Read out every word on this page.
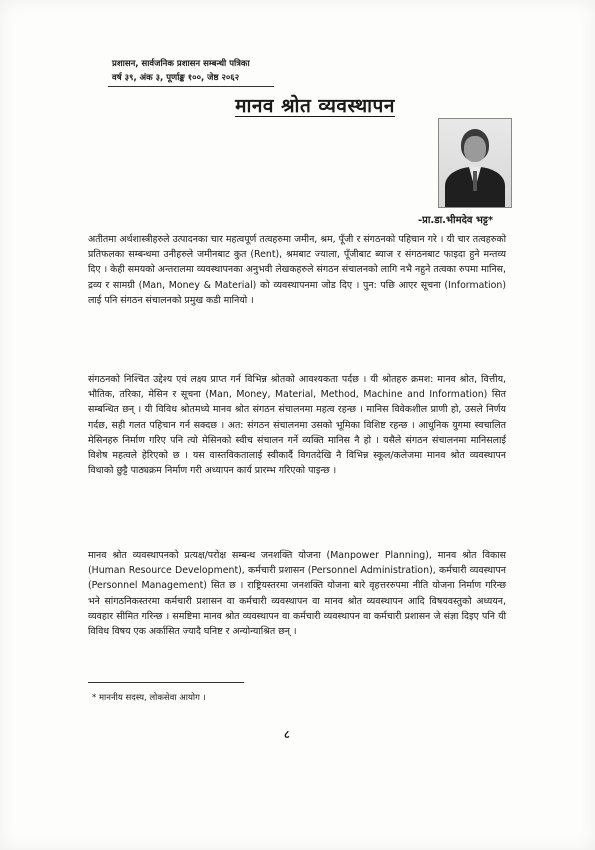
प्रशासन, सार्वजनिक प्रशासन सम्बन्धी पत्रिका
वर्ष ३९, अंक ३, पूर्णाङ्क १००, जेष्ठ २०६२
मानव श्रोत व्यवस्थापन
-प्रा.डा.भीमदेव भट्ट*
अतीतमा अर्थशास्त्रीहरुले उत्पादनका चार महत्वपूर्ण तत्वहरुमा जमीन, श्रम, पूँजी र संगठनको पहिचान गरे । यी चार तत्वहरुको प्रतिफलका सम्बन्धमा उनीहरुले जमीनबाट कुत (Rent), श्रमबाट ज्याला, पूँजीबाट ब्याज र संगठनबाट फाइदा हुने मन्तव्य दिए । केही समयको अन्तरालमा व्यवस्थापनका अनुभवी लेखकहरुले संगठन संचालनको लागि नभै नहुने तत्वका रुपमा मानिस, द्रव्य र सामग्री (Man, Money & Material) को व्यवस्थापनमा जोड दिए । पुन: पछि आएर सूचना (Information) लाई पनि संगठन संचालनको प्रमुख कडी मानियो ।
संगठनको निश्चित उद्देश्य एवं लक्ष्य प्राप्त गर्न विभिन्न श्रोतको आवश्यकता पर्दछ । यी श्रोतहरु क्रमश: मानव श्रोत, वित्तीय, भौतिक, तरिका, मेसिन र सूचना (Man, Money, Material, Method, Machine and Information) सित सम्बन्धित छन् । यी विविध श्रोतमध्ये मानव श्रोत संगठन संचालनमा महत्व रहन्छ । मानिस विवेकशील प्राणी हो, उसले निर्णय गर्दछ, सही गलत पहिचान गर्न सक्दछ । अत: संगठन संचालनमा उसको भूमिका विशिष्ट रहन्छ । आधुनिक युगमा स्वचालित मेसिनहरु निर्माण गरिए पनि त्यो मेसिनको स्वीच संचालन गर्ने व्यक्ति मानिस नै हो । यसैले संगठन संचालनमा मानिसलाई विशेष महत्वले हेरिएको छ । यस वास्तविकतालाई स्वीकार्दै विगतदेखि नै विभिन्न स्कूल/कलेजमा मानव श्रोत व्यवस्थापन विधाको छुट्टै पाठ्यक्रम निर्माण गरी अध्यापन कार्य प्रारम्भ गरिएको पाइन्छ ।
मानव श्रोत व्यवस्थापनको प्रत्यक्ष/परोक्ष सम्बन्ध जनशक्ति योजना (Manpower Planning), मानव श्रोत विकास (Human Resource Development), कर्मचारी प्रशासन (Personnel Administration), कर्मचारी व्यवस्थापन (Personnel Management) सित छ । राष्ट्रियस्तरमा जनशक्ति योजना बारे वृहत्तररुपमा नीति योजना निर्माण गरिन्छ भने सांगठनिकस्तरमा कर्मचारी प्रशासन वा कर्मचारी व्यवस्थापन वा मानव श्रोत व्यवस्थापन आदि विषयवस्तुको अध्ययन, व्यवहार सीमित गरिन्छ । समष्टिमा मानव श्रोत व्यवस्थापन वा कर्मचारी व्यवस्थापन वा कर्मचारी प्रशासन जे संज्ञा दिइए पनि यी विविध विषय एक अर्कासित ज्यादै घनिष्ट र अन्योन्याश्रित छन् ।
* माननीय सदस्य, लोकसेवा आयोग ।
८
